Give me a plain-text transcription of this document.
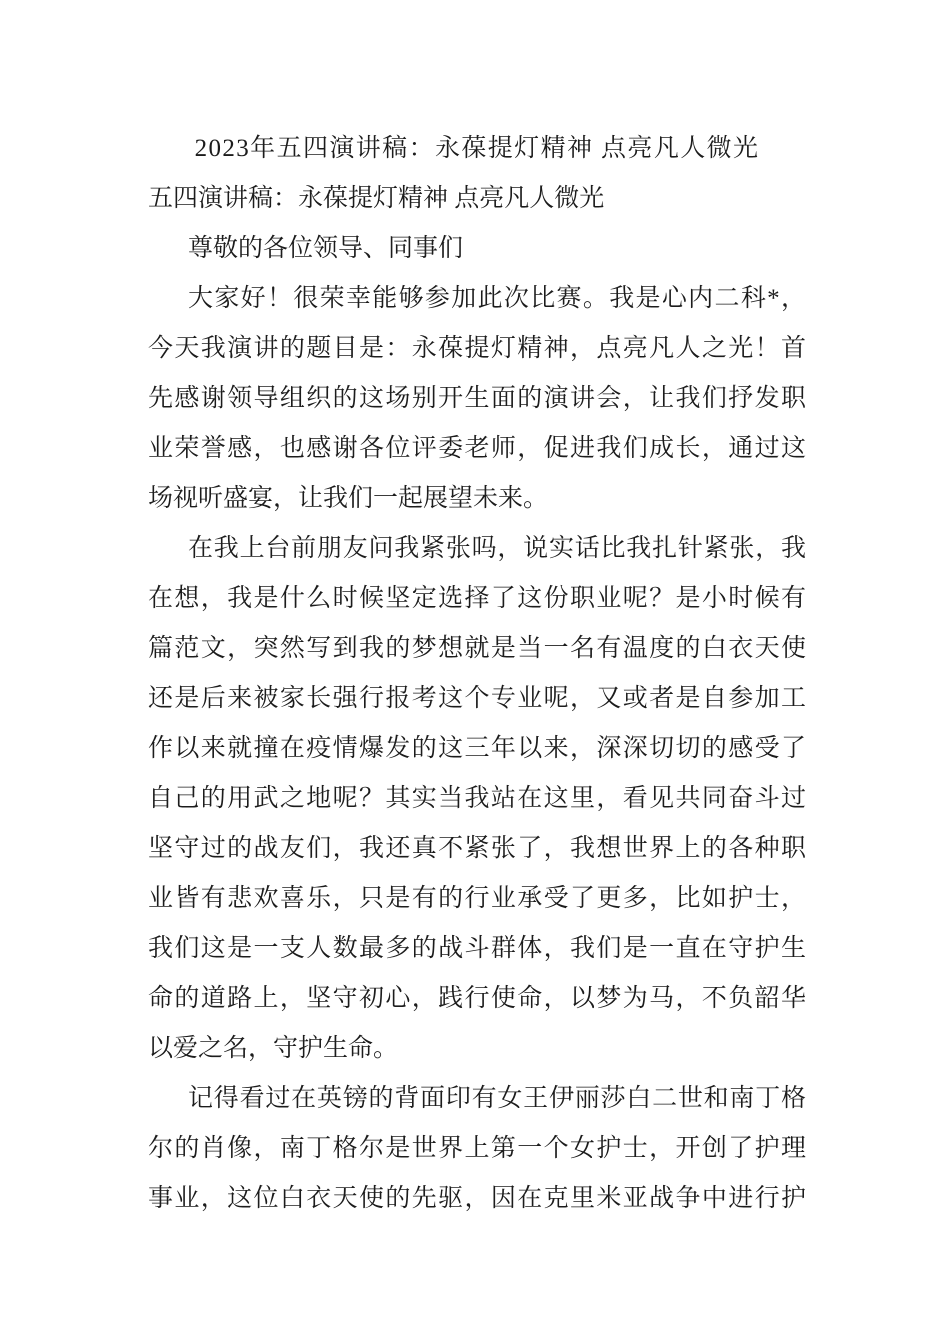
2023年五四演讲稿：永葆提灯精神 点亮凡人微光
五四演讲稿：永葆提灯精神 点亮凡人微光
尊敬的各位领导、同事们
大家好！很荣幸能够参加此次比赛。我是心内二科*，
今天我演讲的题目是：永葆提灯精神，点亮凡人之光！首
先感谢领导组织的这场别开生面的演讲会，让我们抒发职
业荣誉感，也感谢各位评委老师，促进我们成长，通过这
场视听盛宴，让我们一起展望未来。
在我上台前朋友问我紧张吗，说实话比我扎针紧张，我
在想，我是什么时候坚定选择了这份职业呢？是小时候有
篇范文，突然写到我的梦想就是当一名有温度的白衣天使
还是后来被家长强行报考这个专业呢，又或者是自参加工
作以来就撞在疫情爆发的这三年以来，深深切切的感受了
自己的用武之地呢？其实当我站在这里，看见共同奋斗过
坚守过的战友们，我还真不紧张了，我想世界上的各种职
业皆有悲欢喜乐，只是有的行业承受了更多，比如护士，
我们这是一支人数最多的战斗群体，我们是一直在守护生
命的道路上，坚守初心，践行使命，以梦为马，不负韶华
以爱之名，守护生命。
记得看过在英镑的背面印有女王伊丽莎白二世和南丁格
尔的肖像，南丁格尔是世界上第一个女护士，开创了护理
事业，这位白衣天使的先驱，因在克里米亚战争中进行护
